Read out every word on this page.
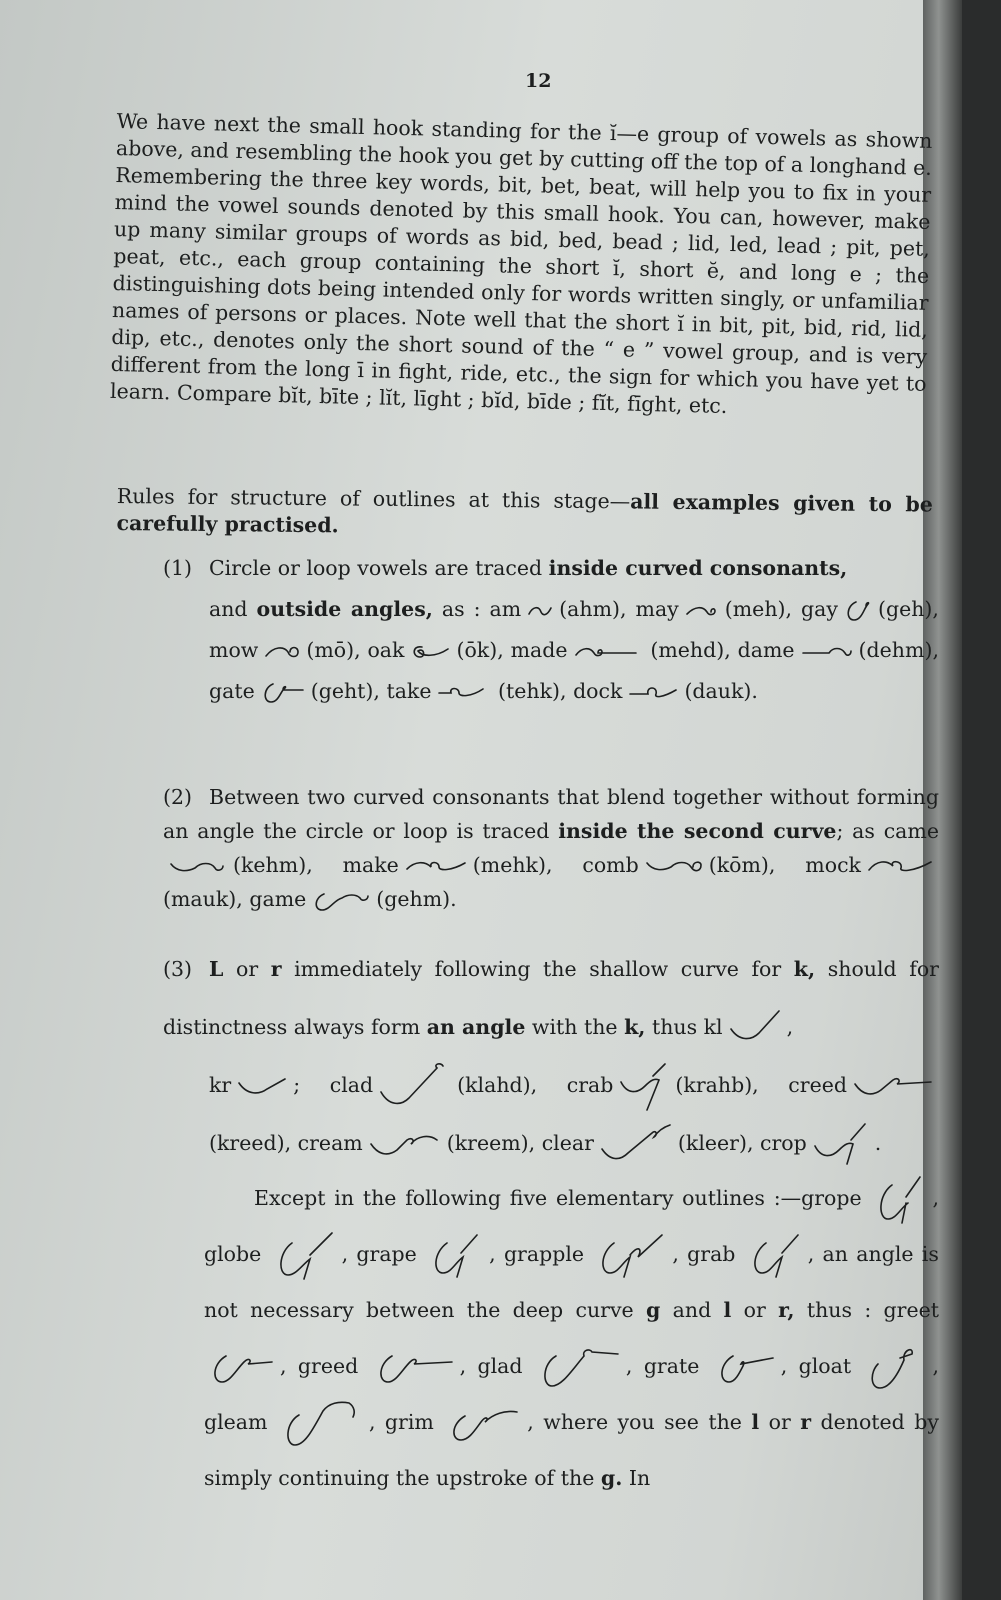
12
We have next the small hook standing for the ĭ—e group of vowels as shown above, and resembling the hook you get by cutting off the top of a longhand e. Remembering the three key words, bit, bet, beat, will help you to fix in your mind the vowel sounds denoted by this small hook. You can, however, make up many similar groups of words as bid, bed, bead ; lid, led, lead ; pit, pet, peat, etc., each group containing the short ĭ, short ĕ, and long e ; the distinguishing dots being intended only for words written singly, or unfamiliar names of persons or places. Note well that the short ĭ in bit, pit, bid, rid, lid, dip, etc., denotes only the short sound of the “ e ” vowel group, and is very different from the long ī in fight, ride, etc., the sign for which you have yet to learn. Compare bĭt, bīte ; lĭt, līght ; bĭd, bīde ; fĭt, fīght, etc.
Rules for structure of outlines at this stage—all examples given to be carefully practised.
(1) Circle or loop vowels are traced inside curved consonants,
and outside angles, as : am (ahm), may (meh), gay (geh), mow (mō), oak	(ōk), made	(mehd), dame	(dehm), gate	(geht), take	(tehk), dock	(dauk).
(2) Between two curved consonants that blend together without forming an angle the circle or loop is traced inside the second curve; as came
(kehm), make	(mehk), comb	(kōm), mock
(mauk), game	(gehm).
(3) L or r immediately following the shallow curve for k, should for distinctness always form an angle with the k, thus kl	,
kr	; clad	(klahd), crab	(krahb), creed
(kreed), cream	(kreem), clear	(kleer), crop	.
Except in the following five elementary outlines :—grope	, globe	, grape	, grapple	, grab	, an angle is not necessary between the deep curve g and l or r, thus : greet
, greed	, glad	, grate	, gloat	, gleam	, grim	, where you see the l or r denoted by simply continuing the upstroke of the g. In
